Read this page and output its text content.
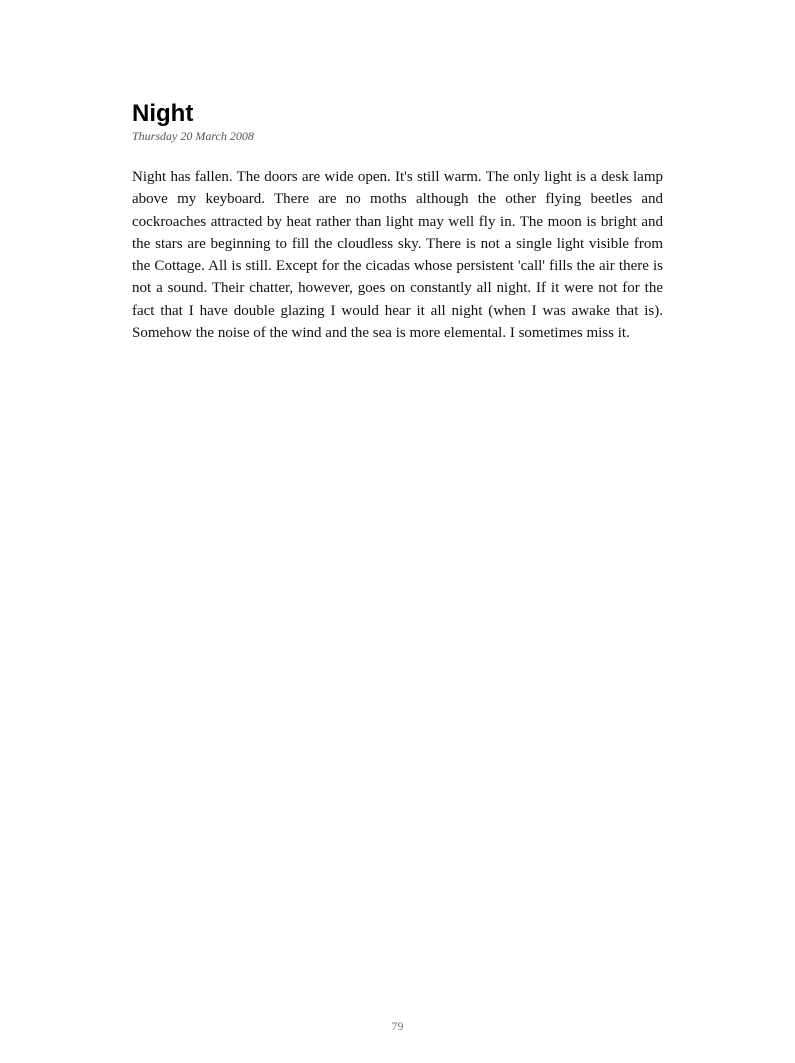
Night

Thursday 20 March 2008

Night has fallen. The doors are wide open. It's still warm. The only light is a desk lamp above my keyboard. There are no moths although the other flying beetles and cockroaches attracted by heat rather than light may well fly in. The moon is bright and the stars are beginning to fill the cloudless sky. There is not a single light visible from the Cottage. All is still. Except for the cicadas whose persistent 'call' fills the air there is not a sound. Their chatter, however, goes on constantly all night. If it were not for the fact that I have double glazing I would hear it all night (when I was awake that is). Somehow the noise of the wind and the sea is more elemental. I sometimes miss it.

79
